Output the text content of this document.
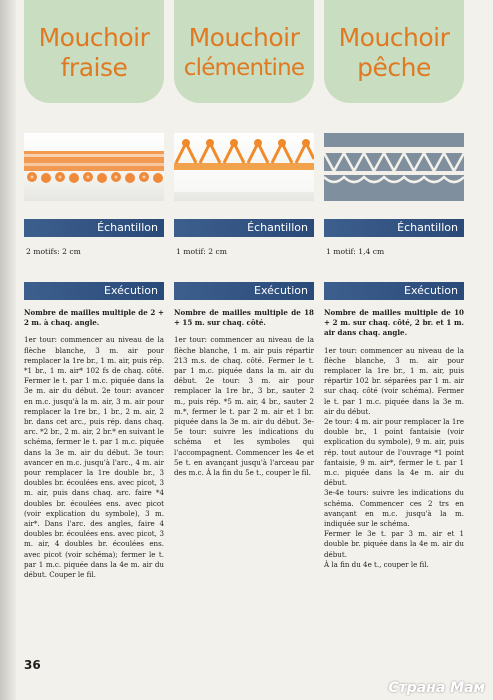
Mouchoir
fraise
Échantillon
2 motifs: 2 cm
Exécution

Nombre de mailles multiple de 2 + 2 m. à chaq. angle.

1er tour: commencer au niveau de la flèche blanche, 3 m. air pour remplacer la 1re br., 1 m. air, puis rép. *1 br., 1 m. air* 102 fs de chaq. côté. Fermer le t. par 1 m.c. piquée dans la 3e m. air du début. 2e tour: avancer en m.c. jusqu'à la m. air, 3 m. air pour remplacer la 1re br., 1 br., 2 m. air, 2 br. dans cet arc., puis rép. dans chaq. arc. *2 br., 2 m. air, 2 br.* en suivant le schéma, fermer le t. par 1 m.c. piquée dans la 3e m. air du début. 3e tour: avancer en m.c. jusqu'à l'arc., 4 m. air pour remplacer la 1re double br., 3 doubles br. écoulées ens. avec picot, 3 m. air, puis dans chaq. arc. faire *4 doubles br. écoulées ens. avec picot (voir explication du symbole), 3 m. air*. Dans l'arc. des angles, faire 4 doubles br. écoulées ens. avec picot, 3 m. air, 4 doubles br. écoulées ens. avec picot (voir schéma); fermer le t. par 1 m.c. piquée dans la 4e m. air du début. Couper le fil.

Mouchoir
clémentine
Échantillon
1 motif: 2 cm
Exécution

Nombre de mailles multiple de 18 + 15 m. sur chaq. côté.

1er tour: commencer au niveau de la flèche blanche, 1 m. air puis répartir 213 m.s. de chaq. côté. Fermer le t. par 1 m.c. piquée dans la m. air du début. 2e tour: 3 m. air pour remplacer la 1re br., 3 br., sauter 2 m., puis rép. *5 m. air, 4 br., sauter 2 m.*, fermer le t. par 2 m. air et 1 br. piquée dans la 3e m. air du début. 3e-5e tour: suivre les indications du schéma et les symboles qui l'accompagnent. Commencer les 4e et 5e t. en avançant jusqu'à l'arceau par des m.c. À la fin du 5e t., couper le fil.

Mouchoir
pêche
Échantillon
1 motif: 1,4 cm
Exécution

Nombre de mailles multiple de 10 + 2 m. sur chaq. côté, 2 br. et 1 m. air dans chaq. angle.

1er tour: commencer au niveau de la flèche blanche, 3 m. air pour remplacer la 1re br., 1 m. air, puis répartir 102 br. séparées par 1 m. air sur chaq. côté (voir schéma). Fermer le t. par 1 m.c. piquée dans la 3e m. air du début.

2e tour: 4 m. air pour remplacer la 1re double br., 1 point fantaisie (voir explication du symbole), 9 m. air, puis rép. tout autour de l'ouvrage *1 point fantaisie, 9 m. air*, fermer le t. par 1 m.c. piquée dans la 4e m. air du début.

3e-4e tours: suivre les indications du schéma. Commencer ces 2 trs en avançant en m.c. jusqu'à la m. indiquée sur le schéma.

Fermer le 3e t. par 3 m. air et 1 double br. piquée dans la 4e m. air du début.

À la fin du 4e t., couper le fil.

36
Страна Мам
